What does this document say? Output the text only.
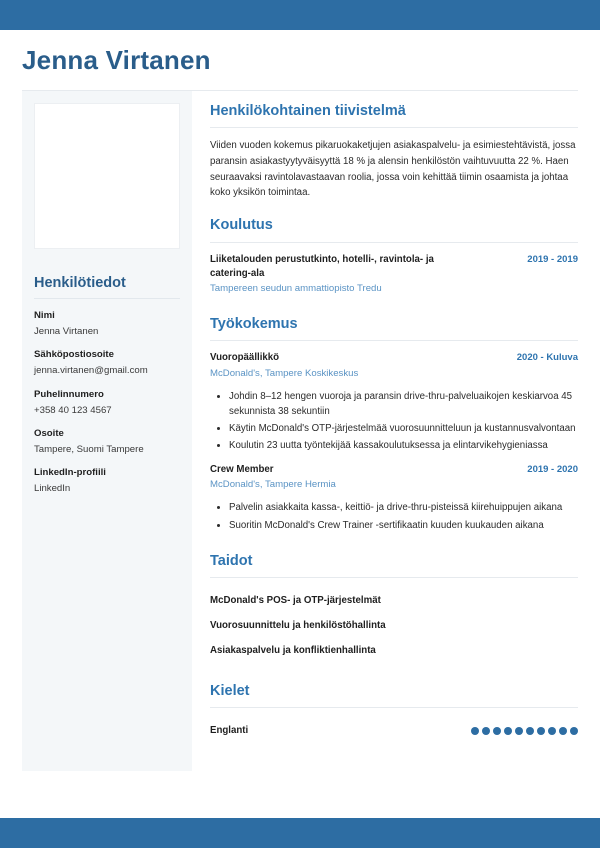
Jenna Virtanen
Henkilötiedot
Nimi
Jenna Virtanen
Sähköpostiosoite
jenna.virtanen@gmail.com
Puhelinnumero
+358 40 123 4567
Osoite
Tampere, Suomi Tampere
LinkedIn-profiili
LinkedIn
Henkilökohtainen tiivistelmä

Viiden vuoden kokemus pikaruokaketjujen asiakaspalvelu- ja esimiestehtävistä, jossa paransin asiakastyytyväisyyttä 18 % ja alensin henkilöstön vaihtuvuutta 22 %. Haen seuraavaksi ravintolavastaavan roolia, jossa voin kehittää tiimin osaamista ja johtaa koko yksikön toimintaa.

Koulutus
Liiketalouden perustutkinto, hotelli-, ravintola- ja catering-ala
2019 - 2019
Tampereen seudun ammattiopisto Tredu
Työkokemus
Vuoropäällikkö	2020 - Kuluva
McDonald's, Tampere Koskikeskus
• Johdin 8–12 hengen vuoroja ja paransin drive-thru-palveluaikojen keskiarvoa 45 sekunnista 38 sekuntiin
• Käytin McDonald's OTP-järjestelmää vuorosuunnitteluun ja kustannusvalvontaan
• Koulutin 23 uutta työntekijää kassakoulutuksessa ja elintarvikehygieniassa
Crew Member	2019 - 2020
McDonald's, Tampere Hermia
• Palvelin asiakkaita kassa-, keittiö- ja drive-thru-pisteissä kiirehuippujen aikana
• Suoritin McDonald's Crew Trainer -sertifikaatin kuuden kuukauden aikana
Taidot
McDonald's POS- ja OTP-järjestelmät
Vuorosuunnittelu ja henkilöstöhallinta
Asiakaspalvelu ja konfliktienhallinta
Kielet
Englanti
